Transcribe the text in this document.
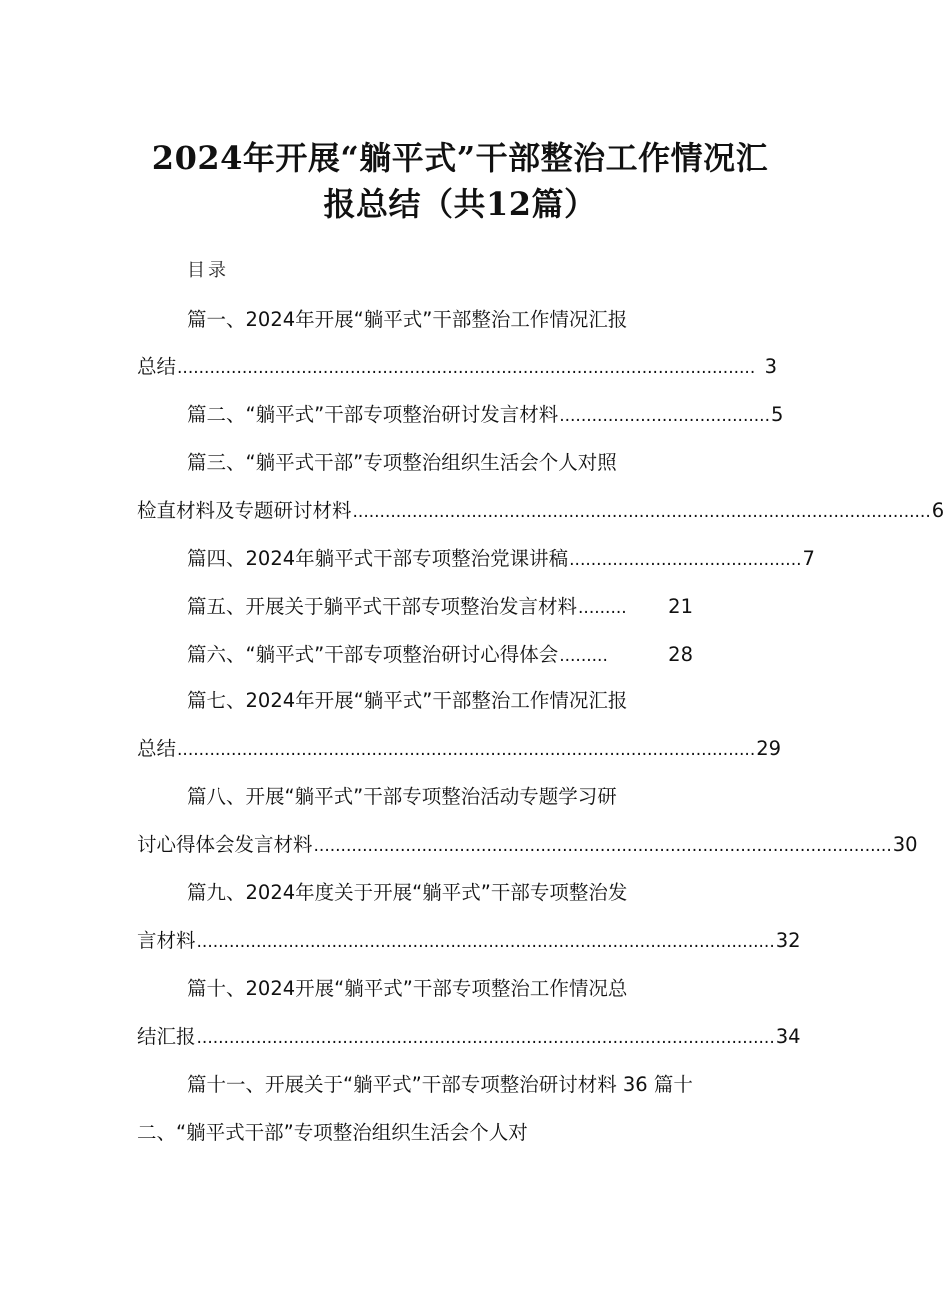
2024年开展“躺平式”干部整治工作情况汇
报总结（共12篇）
目录
篇一、2024年开展“躺平式”干部整治工作情况汇报
总结 ........................................................................................................... 3
篇二、“躺平式”干部专项整治研讨发言材料 ....................................... 5
篇三、“躺平式干部”专项整治组织生活会个人对照
检直材料及专题研讨材料 ........................................................................................................... 6
篇四、2024年躺平式干部专项整治党课讲稿 ........................................... 7
篇五、开展关于躺平式干部专项整治发言材料 .........	21
篇六、“躺平式”干部专项整治研讨心得体会 .........	28
篇七、2024年开展“躺平式”干部整治工作情况汇报
总结 ........................................................................................................... 29
篇八、开展“躺平式”干部专项整治活动专题学习研
讨心得体会发言材料 ........................................................................................................... 30
篇九、2024年度关于开展“躺平式”干部专项整治发
言材料 ........................................................................................................... 32
篇十、2024开展“躺平式”干部专项整治工作情况总
结汇报 ........................................................................................................... 34
篇十一、开展关于“躺平式”干部专项整治研讨材料 36 篇十
二、“躺平式干部”专项整治组织生活会个人对
